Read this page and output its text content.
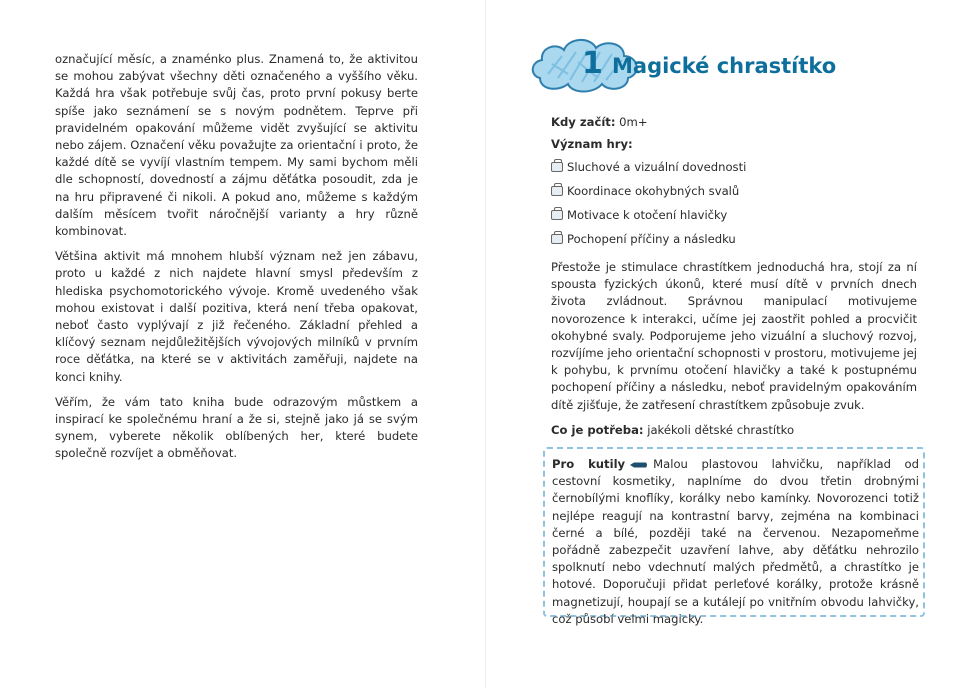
označující měsíc, a znaménko plus. Znamená to, že aktivitou se mohou zabývat všechny děti označeného a vyššího věku. Každá hra však potřebuje svůj čas, proto první pokusy berte spíše jako seznámení se s novým podnětem. Teprve při pravidelném opakování můžeme vidět zvyšující se aktivitu nebo zájem. Označení věku považujte za orientační i proto, že každé dítě se vyvíjí vlastním tempem. My sami bychom měli dle schopností, dovedností a zájmu děťátka posoudit, zda je na hru připravené či nikoli. A pokud ano, můžeme s každým dalším měsícem tvořit náročnější varianty a hry různě kombinovat.

Většina aktivit má mnohem hlubší význam než jen zábavu, proto u každé z nich najdete hlavní smysl především z hlediska psychomotorického vývoje. Kromě uvedeného však mohou existovat i další pozitiva, která není třeba opakovat, neboť často vyplývají z již řečeného. Základní přehled a klíčový seznam nejdůležitějších vývojových milníků v prvním roce děťátka, na které se v aktivitách zaměřuji, najdete na konci knihy.

Věřím, že vám tato kniha bude odrazovým můstkem a inspirací ke společnému hraní a že si, stejně jako já se svým synem, vyberete několik oblíbených her, které budete společně rozvíjet a obměňovat.

1 Magické chrastítko
Kdy začít: 0m+
Význam hry:
Sluchové a vizuální dovednosti
Koordinace okohybných svalů
Motivace k otočení hlavičky
Pochopení příčiny a následku

Přestože je stimulace chrastítkem jednoduchá hra, stojí za ní spousta fyzických úkonů, které musí dítě v prvních dnech života zvládnout. Správnou manipulací motivujeme novorozence k interakci, učíme jej zaostřit pohled a procvičit okohybné svaly. Podporujeme jeho vizuální a sluchový rozvoj, rozvíjíme jeho orientační schopnosti v prostoru, motivujeme jej k pohybu, k prvnímu otočení hlavičky a také k postupnému pochopení příčiny a následku, neboť pravidelným opakováním dítě zjišťuje, že zatřesení chrastítkem způsobuje zvuk.

Co je potřeba: jakékoli dětské chrastítko

Pro kutily Malou plastovou lahvičku, například od cestovní kosmetiky, naplníme do dvou třetin drobnými černobílými knoflíky, korálky nebo kamínky. Novorozenci totiž nejlépe reagují na kontrastní barvy, zejména na kombinaci černé a bílé, později také na červenou. Nezapomeňme pořádně zabezpečit uzavření lahve, aby děťátku nehrozilo spolknutí nebo vdechnutí malých předmětů, a chrastítko je hotové. Doporučuji přidat perleťové korálky, protože krásně magnetizují, houpají se a kutálejí po vnitřním obvodu lahvičky, což působí velmi magicky.
